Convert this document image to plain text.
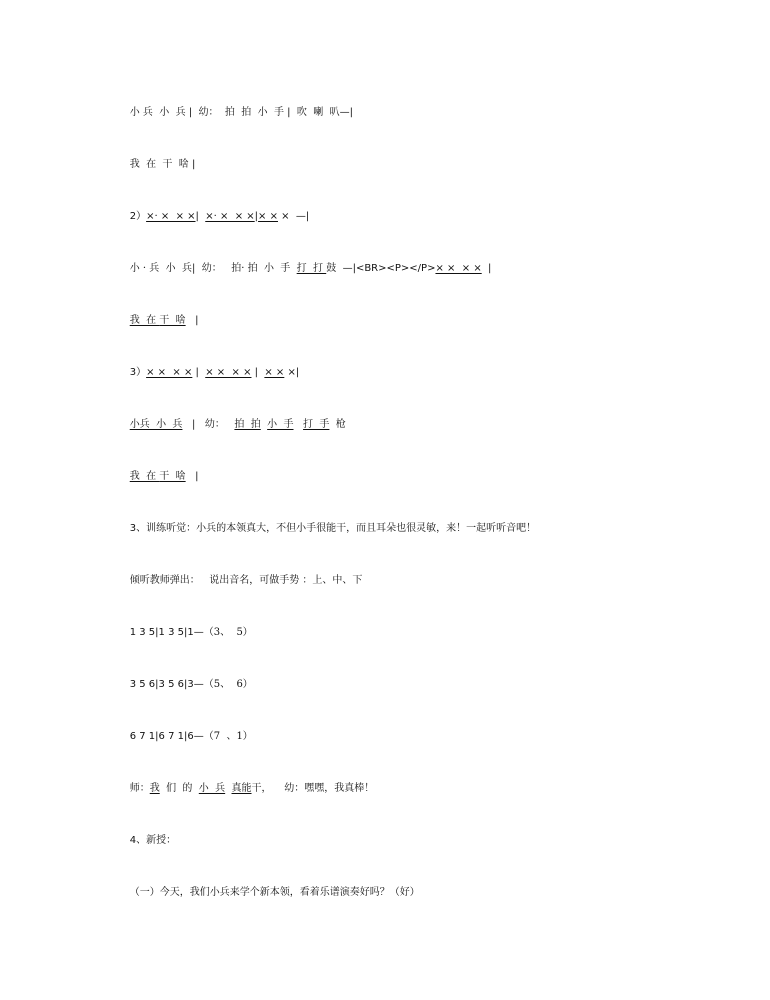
小 兵  小  兵 |  幼：  拍  拍  小  手 |  吹  喇  叭—|

我  在  干  啥 |

2）×· ×  × ×|  ×· ×  × ×|× × ×  —|

小 · 兵  小  兵|  幼：   拍· 拍  小  手  打  打 鼓  —|<BR><P></P>× ×  × ×  |

我  在 干  啥   |

3）× ×  × × |  × ×  × × |  × × ×|

小兵  小  兵   |   幼：   拍  拍 小  手 打  手  枪

我  在 干  啥   |

3、训练听觉：小兵的本领真大，不但小手很能干，而且耳朵也很灵敏，来！一起听听音吧！

倾听教师弹出：   说出音名，可做手势 ：上、中、下

1 3 5|1 3 5|1—（3、  5）

3 5 6|3 5 6|3—（5、  6）

6 7 1|6 7 1|6—（7  、1）

师：我  们  的  小  兵 真能干，    幼：嘿嘿，我真棒！

4、新授：

（一）今天，我们小兵来学个新本领，看着乐谱演奏好吗？（好）
